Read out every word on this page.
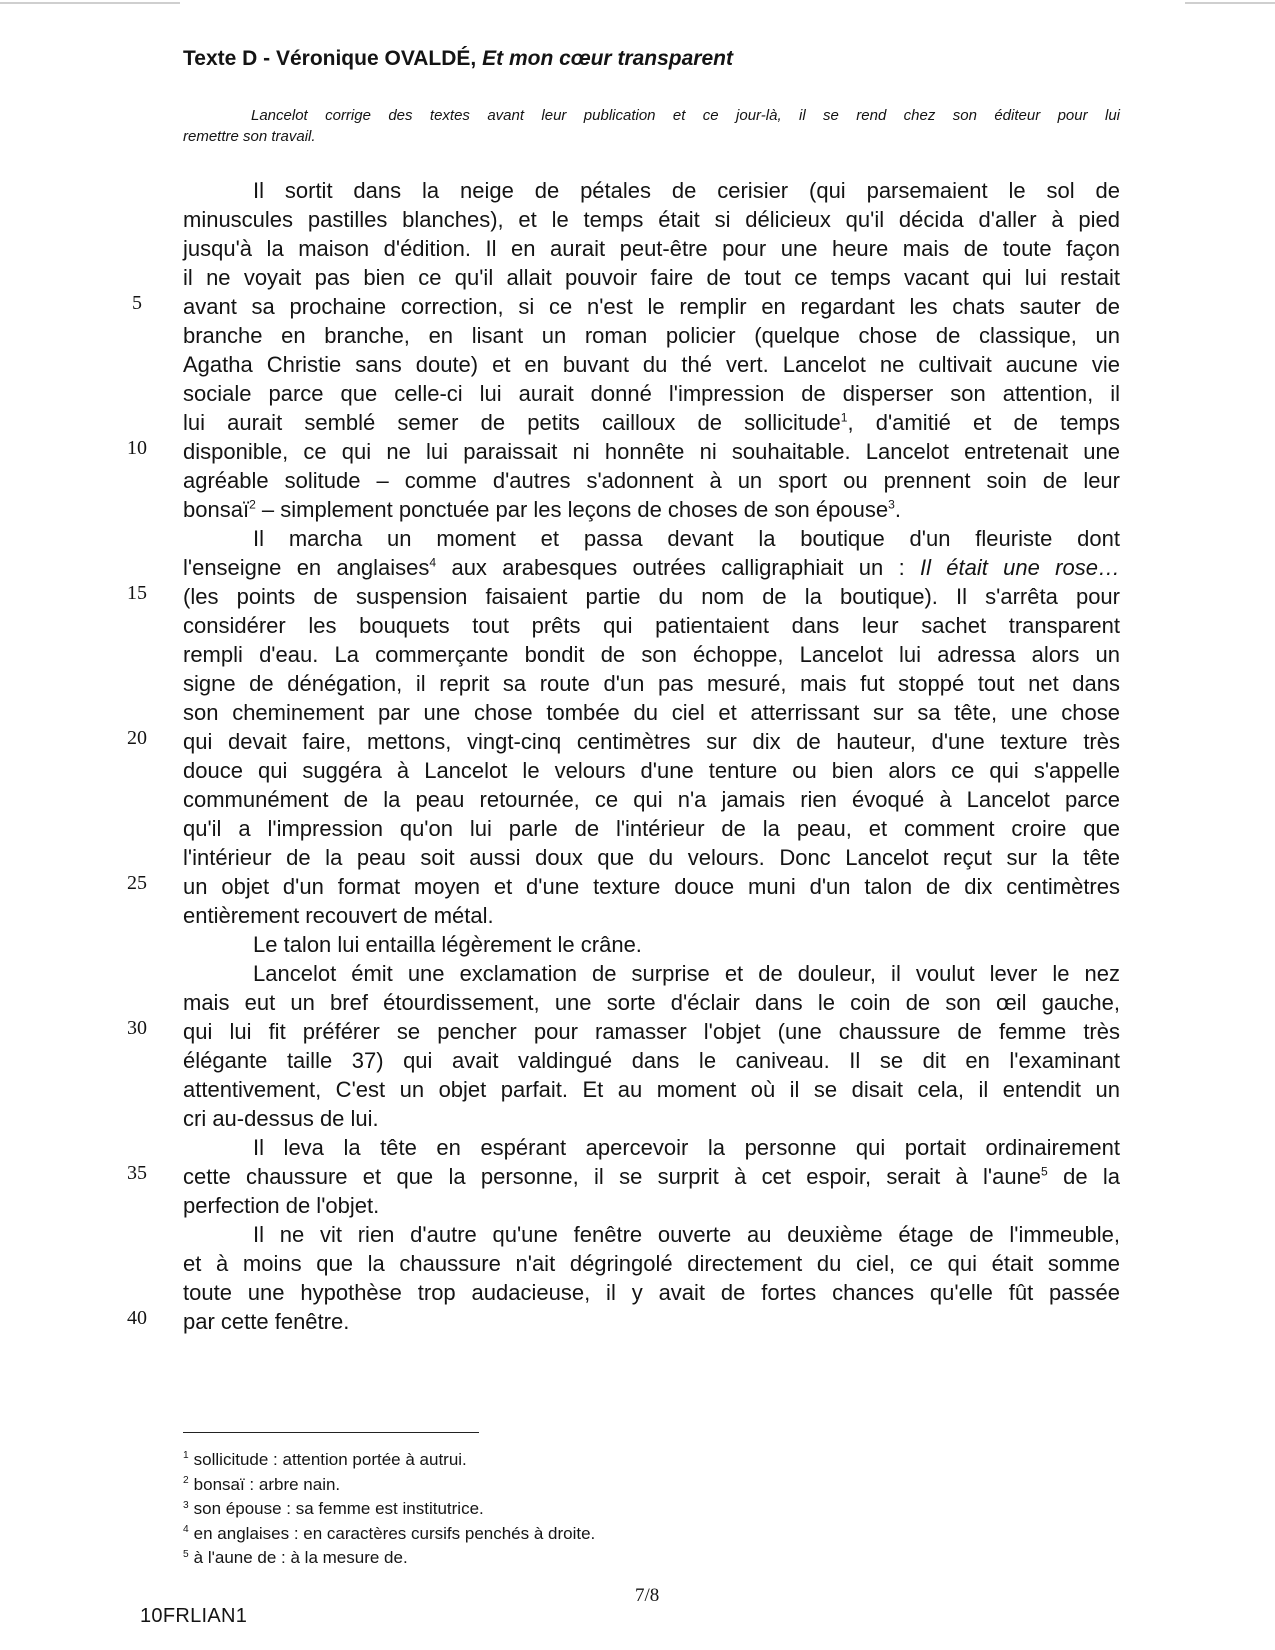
Texte D - Véronique OVALDÉ, Et mon cœur transparent
Lancelot corrige des textes avant leur publication et ce jour-là, il se rend chez son éditeur pour lui
remettre son travail.
Il sortit dans la neige de pétales de cerisier (qui parsemaient le sol de
minuscules pastilles blanches), et le temps était si délicieux qu'il décida d'aller à pied
jusqu'à la maison d'édition. Il en aurait peut-être pour une heure mais de toute façon
il ne voyait pas bien ce qu'il allait pouvoir faire de tout ce temps vacant qui lui restait
avant sa prochaine correction, si ce n'est le remplir en regardant les chats sauter de
branche en branche, en lisant un roman policier (quelque chose de classique, un
Agatha Christie sans doute) et en buvant du thé vert. Lancelot ne cultivait aucune vie
sociale parce que celle-ci lui aurait donné l'impression de disperser son attention, il
lui aurait semblé semer de petits cailloux de sollicitude$^1$, d'amitié et de temps
disponible, ce qui ne lui paraissait ni honnête ni souhaitable. Lancelot entretenait une
agréable solitude – comme d'autres s'adonnent à un sport ou prennent soin de leur
bonsaï$^2$ – simplement ponctuée par les leçons de choses de son épouse$^3$.
Il marcha un moment et passa devant la boutique d'un fleuriste dont
l'enseigne en anglaises$^4$ aux arabesques outrées calligraphiait un : Il était une rose…
(les points de suspension faisaient partie du nom de la boutique). Il s'arrêta pour
considérer les bouquets tout prêts qui patientaient dans leur sachet transparent
rempli d'eau. La commerçante bondit de son échoppe, Lancelot lui adressa alors un
signe de dénégation, il reprit sa route d'un pas mesuré, mais fut stoppé tout net dans
son cheminement par une chose tombée du ciel et atterrissant sur sa tête, une chose
qui devait faire, mettons, vingt-cinq centimètres sur dix de hauteur, d'une texture très
douce qui suggéra à Lancelot le velours d'une tenture ou bien alors ce qui s'appelle
communément de la peau retournée, ce qui n'a jamais rien évoqué à Lancelot parce
qu'il a l'impression qu'on lui parle de l'intérieur de la peau, et comment croire que
l'intérieur de la peau soit aussi doux que du velours. Donc Lancelot reçut sur la tête
un objet d'un format moyen et d'une texture douce muni d'un talon de dix centimètres
entièrement recouvert de métal.
Le talon lui entailla légèrement le crâne.
Lancelot émit une exclamation de surprise et de douleur, il voulut lever le nez
mais eut un bref étourdissement, une sorte d'éclair dans le coin de son œil gauche,
qui lui fit préférer se pencher pour ramasser l'objet (une chaussure de femme très
élégante taille 37) qui avait valdingué dans le caniveau. Il se dit en l'examinant
attentivement, C'est un objet parfait. Et au moment où il se disait cela, il entendit un
cri au-dessus de lui.
Il leva la tête en espérant apercevoir la personne qui portait ordinairement
cette chaussure et que la personne, il se surprit à cet espoir, serait à l'aune$^5$ de la
perfection de l'objet.
Il ne vit rien d'autre qu'une fenêtre ouverte au deuxième étage de l'immeuble,
et à moins que la chaussure n'ait dégringolé directement du ciel, ce qui était somme
toute une hypothèse trop audacieuse, il y avait de fortes chances qu'elle fût passée
par cette fenêtre.
5
10
15
20
25
30
35
40
$^1$ sollicitude : attention portée à autrui.
$^2$ bonsaï : arbre nain.
$^3$ son épouse : sa femme est institutrice.
$^4$ en anglaises : en caractères cursifs penchés à droite.
$^5$ à l'aune de : à la mesure de.
7/8
10FRLIAN1
